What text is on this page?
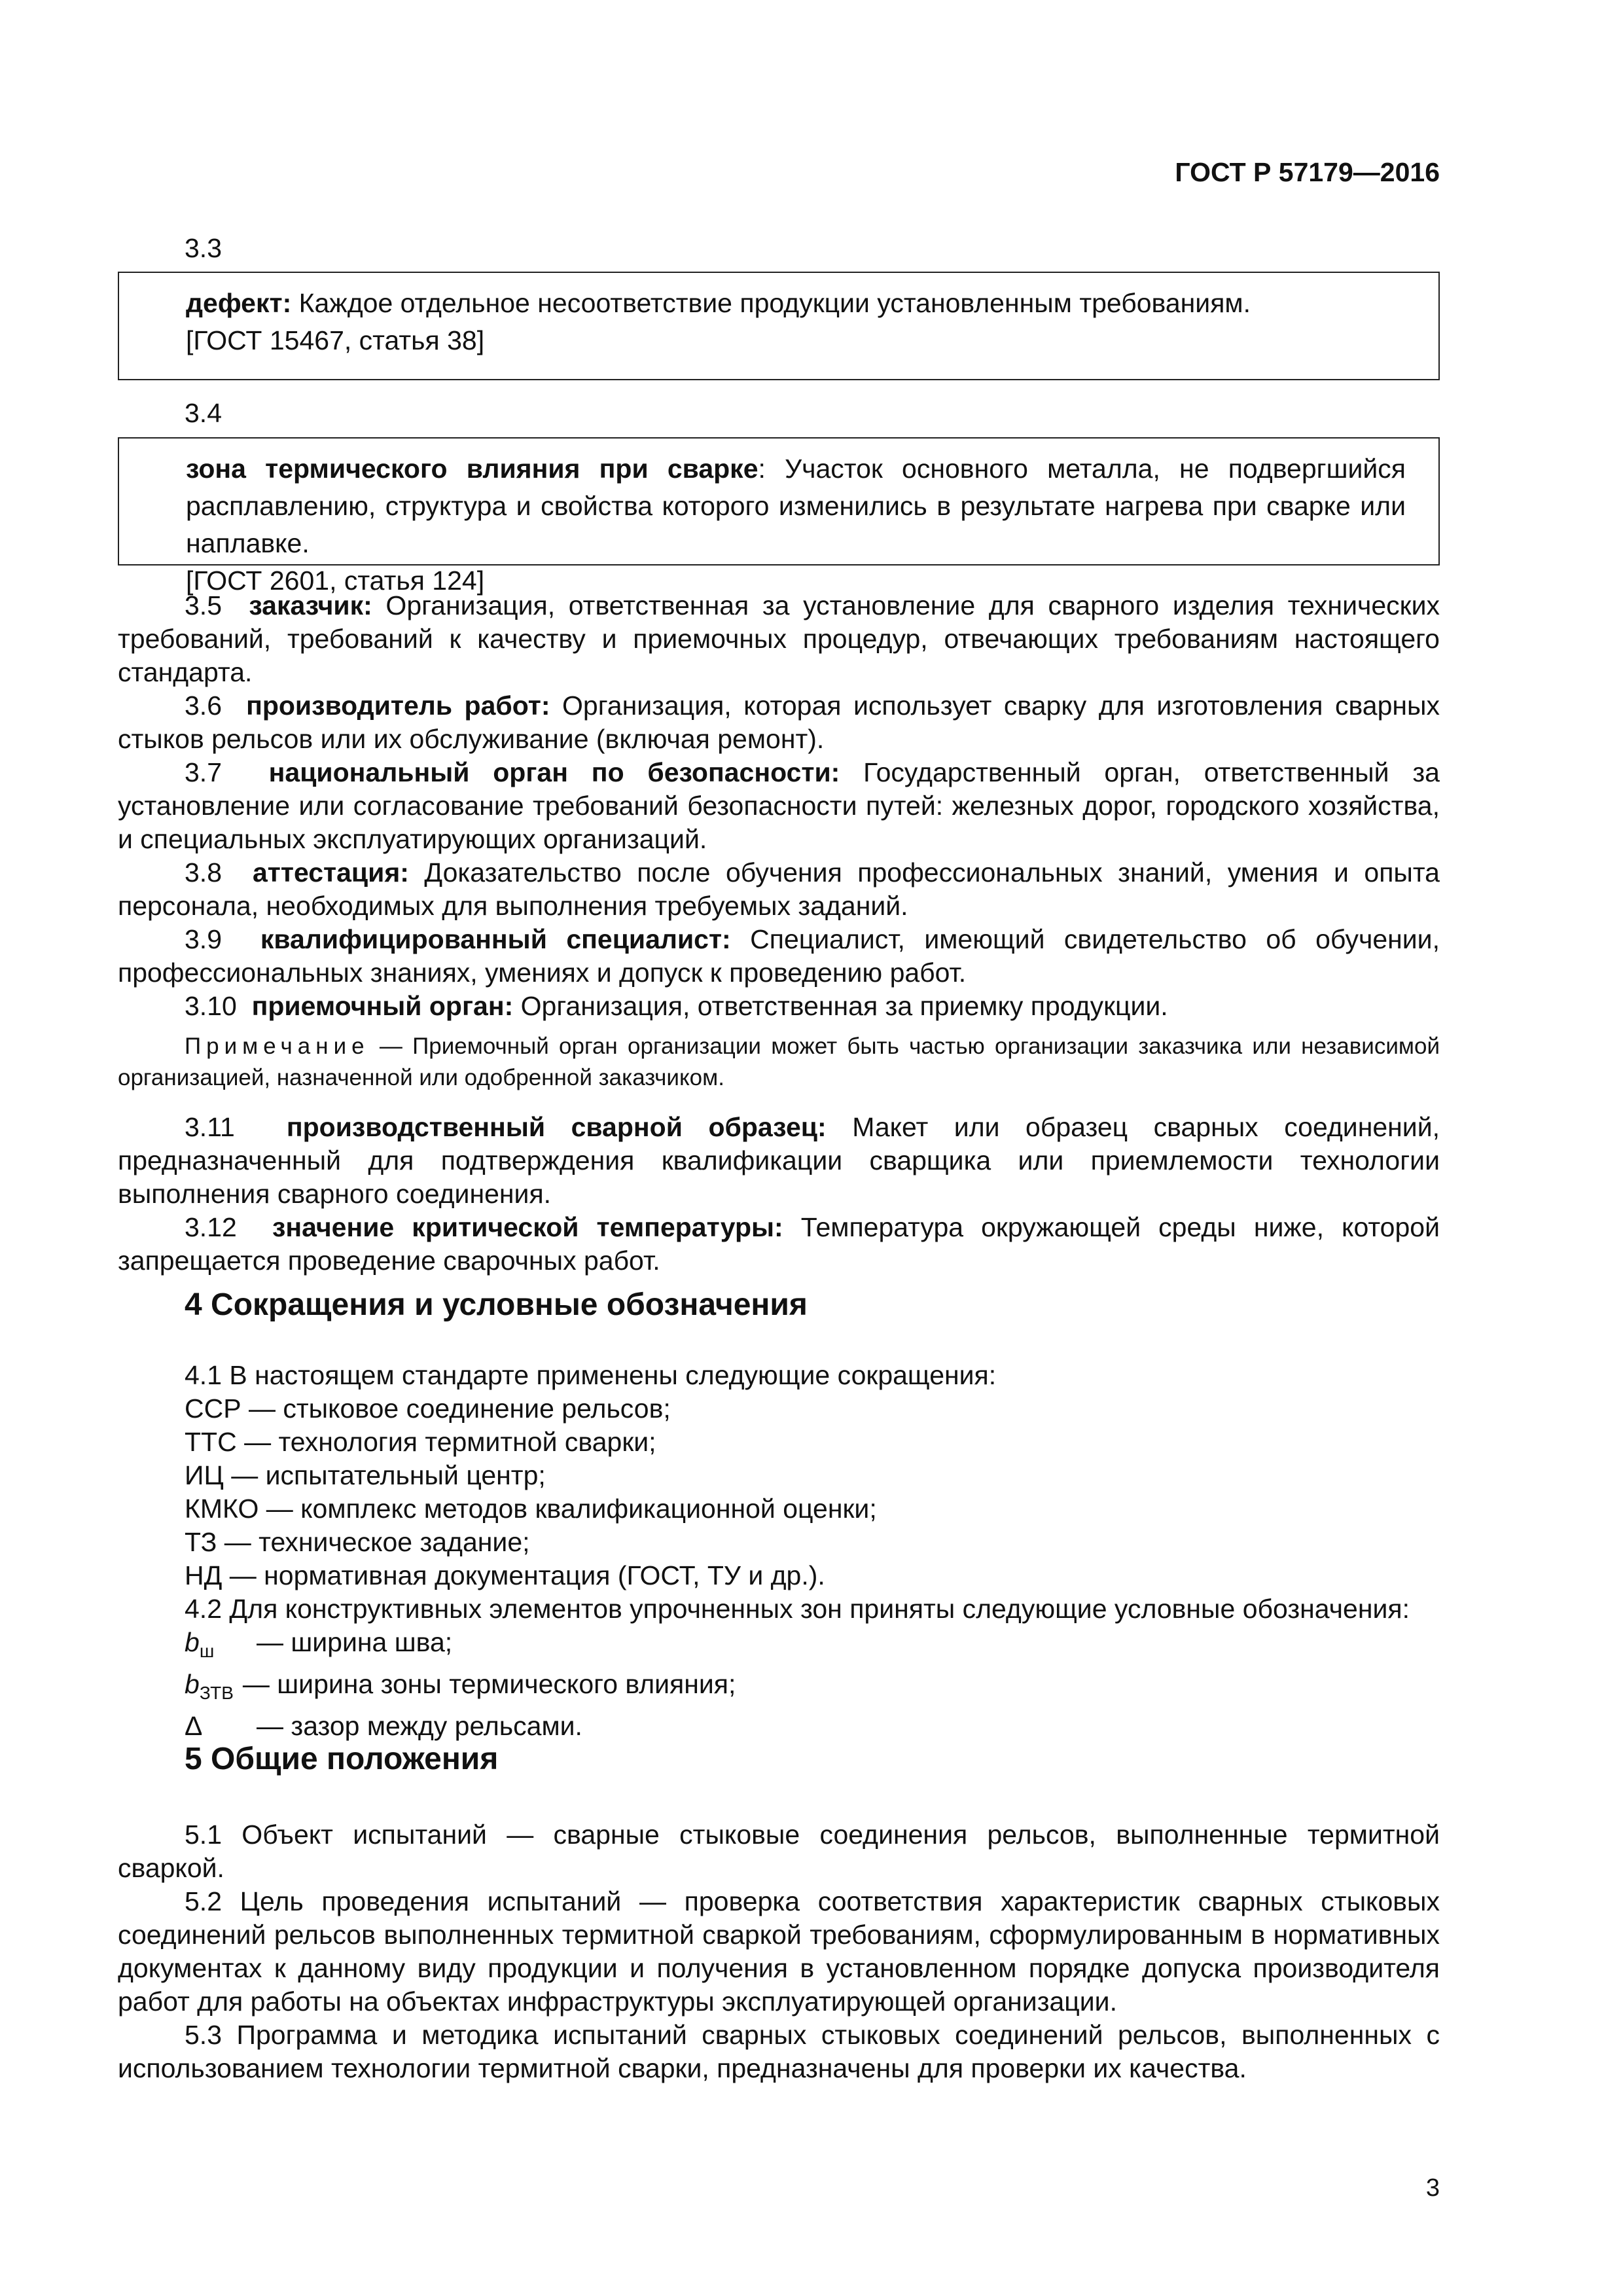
ГОСТ Р 57179—2016
3.3

дефект: Каждое отдельное несоответствие продукции установленным требованиям.

[ГОСТ 15467, статья 38]

3.4

зона термического влияния при сварке: Участок основного металла, не подвергшийся расплавлению, структура и свойства которого изменились в результате нагрева при сварке или наплавке.

[ГОСТ 2601, статья 124]

3.5 заказчик: Организация, ответственная за установление для сварного изделия технических требований, требований к качеству и приемочных процедур, отвечающих требованиям настоящего стандарта.

3.6 производитель работ: Организация, которая использует сварку для изготовления сварных стыков рельсов или их обслуживание (включая ремонт).

3.7 национальный орган по безопасности: Государственный орган, ответственный за установление или согласование требований безопасности путей: железных дорог, городского хозяйства, и специальных эксплуатирующих организаций.

3.8 аттестация: Доказательство после обучения профессиональных знаний, умения и опыта персонала, необходимых для выполнения требуемых заданий.

3.9 квалифицированный специалист: Специалист, имеющий свидетельство об обучении, профессиональных знаниях, умениях и допуск к проведению работ.

3.10 приемочный орган: Организация, ответственная за приемку продукции.

Примечание — Приемочный орган организации может быть частью организации заказчика или независимой организацией, назначенной или одобренной заказчиком.

3.11 производственный сварной образец: Макет или образец сварных соединений, предназначенный для подтверждения квалификации сварщика или приемлемости технологии выполнения сварного соединения.

3.12 значение критической температуры: Температура окружающей среды ниже, которой запрещается проведение сварочных работ.

4 Сокращения и условные обозначения

4.1 В настоящем стандарте применены следующие сокращения:

ССР — стыковое соединение рельсов;

ТТС — технология термитной сварки;

ИЦ — испытательный центр;

КМКО — комплекс методов квалификационной оценки;

ТЗ — техническое задание;

НД — нормативная документация (ГОСТ, ТУ и др.).

4.2 Для конструктивных элементов упрочненных зон приняты следующие условные обозначения:

$b_ш$ — ширина шва;

$b_{ЗТВ}$ — ширина зоны термического влияния;

Δ — зазор между рельсами.

5 Общие положения

5.1 Объект испытаний — сварные стыковые соединения рельсов, выполненные термитной сваркой.

5.2 Цель проведения испытаний — проверка соответствия характеристик сварных стыковых соединений рельсов выполненных термитной сваркой требованиям, сформулированным в нормативных документах к данному виду продукции и получения в установленном порядке допуска производителя работ для работы на объектах инфраструктуры эксплуатирующей организации.

5.3 Программа и методика испытаний сварных стыковых соединений рельсов, выполненных с использованием технологии термитной сварки, предназначены для проверки их качества.

3
